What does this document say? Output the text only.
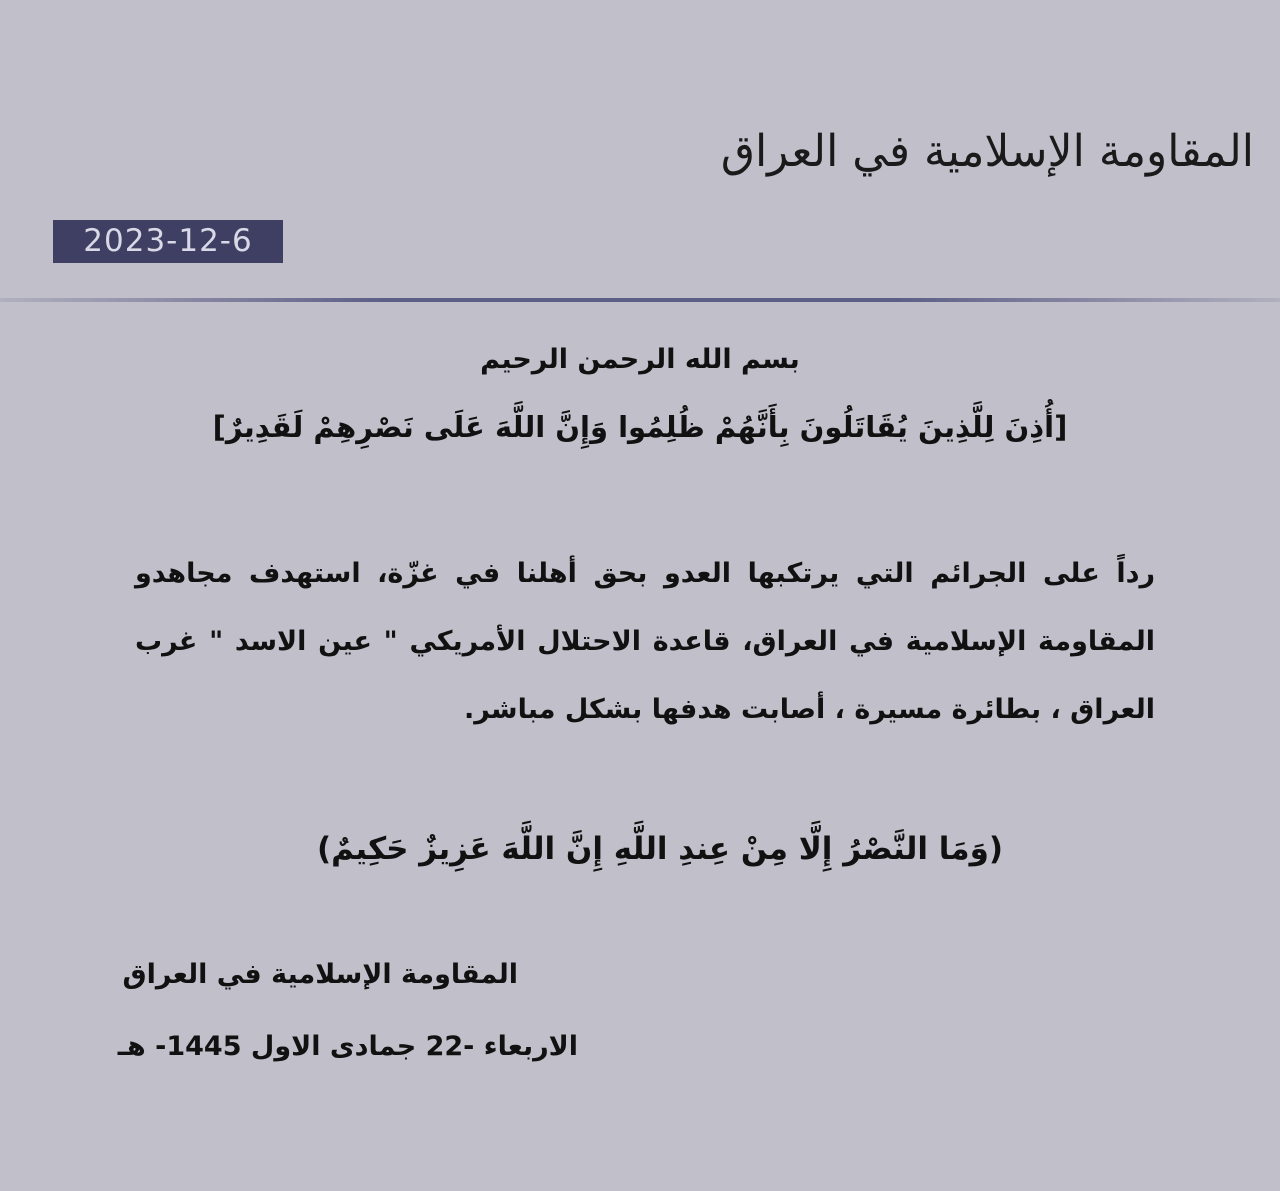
المقاومة الإسلامية في العراق
2023-12-6
بسم الله الرحمن الرحيم
[أُذِنَ لِلَّذِينَ يُقَاتَلُونَ بِأَنَّهُمْ ظُلِمُوا وَإِنَّ اللَّهَ عَلَى نَصْرِهِمْ لَقَدِيرٌ]
رداً على الجرائم التي يرتكبها العدو بحق أهلنا في غزّة، استهدف مجاهدو المقاومة الإسلامية في العراق، قاعدة الاحتلال الأمريكي " عين الاسد " غرب العراق ، بطائرة مسيرة ، أصابت هدفها بشكل مباشر.
(وَمَا النَّصْرُ إِلَّا مِنْ عِندِ اللَّهِ إِنَّ اللَّهَ عَزِيزٌ حَكِيمٌ)
المقاومة الإسلامية في العراق
الاربعاء -22 جمادى الاول 1445- هـ
